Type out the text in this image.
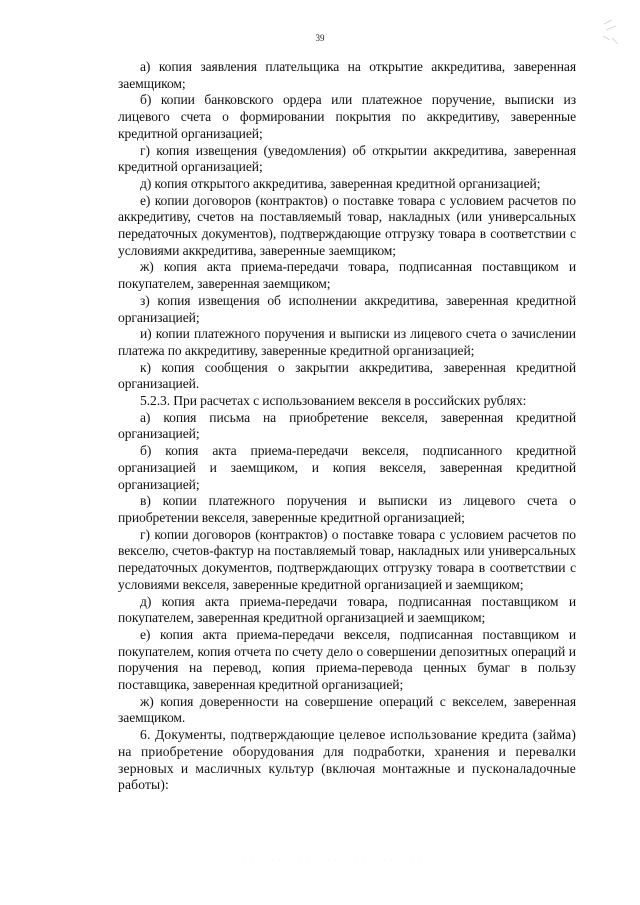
39

а) копия заявления плательщика на открытие аккредитива, заверенная заемщиком;

б) копии банковского ордера или платежное поручение, выписки из лицевого счета о формировании покрытия по аккредитиву, заверенные кредитной организацией;

г) копия извещения (уведомления) об открытии аккредитива, заверенная кредитной организацией;

д) копия открытого аккредитива, заверенная кредитной организацией;

е) копии договоров (контрактов) о поставке товара с условием расчетов по аккредитиву, счетов на поставляемый товар, накладных (или универсальных передаточных документов), подтверждающие отгрузку товара в соответствии с условиями аккредитива, заверенные заемщиком;

ж) копия акта приема-передачи товара, подписанная поставщиком и покупателем, заверенная заемщиком;

з) копия извещения об исполнении аккредитива, заверенная кредитной организацией;

и) копии платежного поручения и выписки из лицевого счета о зачислении платежа по аккредитиву, заверенные кредитной организацией;

к) копия сообщения о закрытии аккредитива, заверенная кредитной организацией.

5.2.3. При расчетах с использованием векселя в российских рублях:

а) копия письма на приобретение векселя, заверенная кредитной организацией;

б) копия акта приема-передачи векселя, подписанного кредитной организацией и заемщиком, и копия векселя, заверенная кредитной организацией;

в) копии платежного поручения и выписки из лицевого счета о приобретении векселя, заверенные кредитной организацией;

г) копии договоров (контрактов) о поставке товара с условием расчетов по векселю, счетов-фактур на поставляемый товар, накладных или универсальных передаточных документов, подтверждающих отгрузку товара в соответствии с условиями векселя, заверенные кредитной организацией и заемщиком;

д) копия акта приема-передачи товара, подписанная поставщиком и покупателем, заверенная кредитной организацией и заемщиком;

е) копия акта приема-передачи векселя, подписанная поставщиком и покупателем, копия отчета по счету дело о совершении депозитных операций и поручения на перевод, копия приема-перевода ценных бумаг в пользу поставщика, заверенная кредитной организацией;

ж) копия доверенности на совершение операций с векселем, заверенная заемщиком.

6. Документы, подтверждающие целевое использование кредита (займа) на приобретение оборудования для подработки, хранения и перевалки зерновых и масличных культур (включая монтажные и пусконаладочные работы):
